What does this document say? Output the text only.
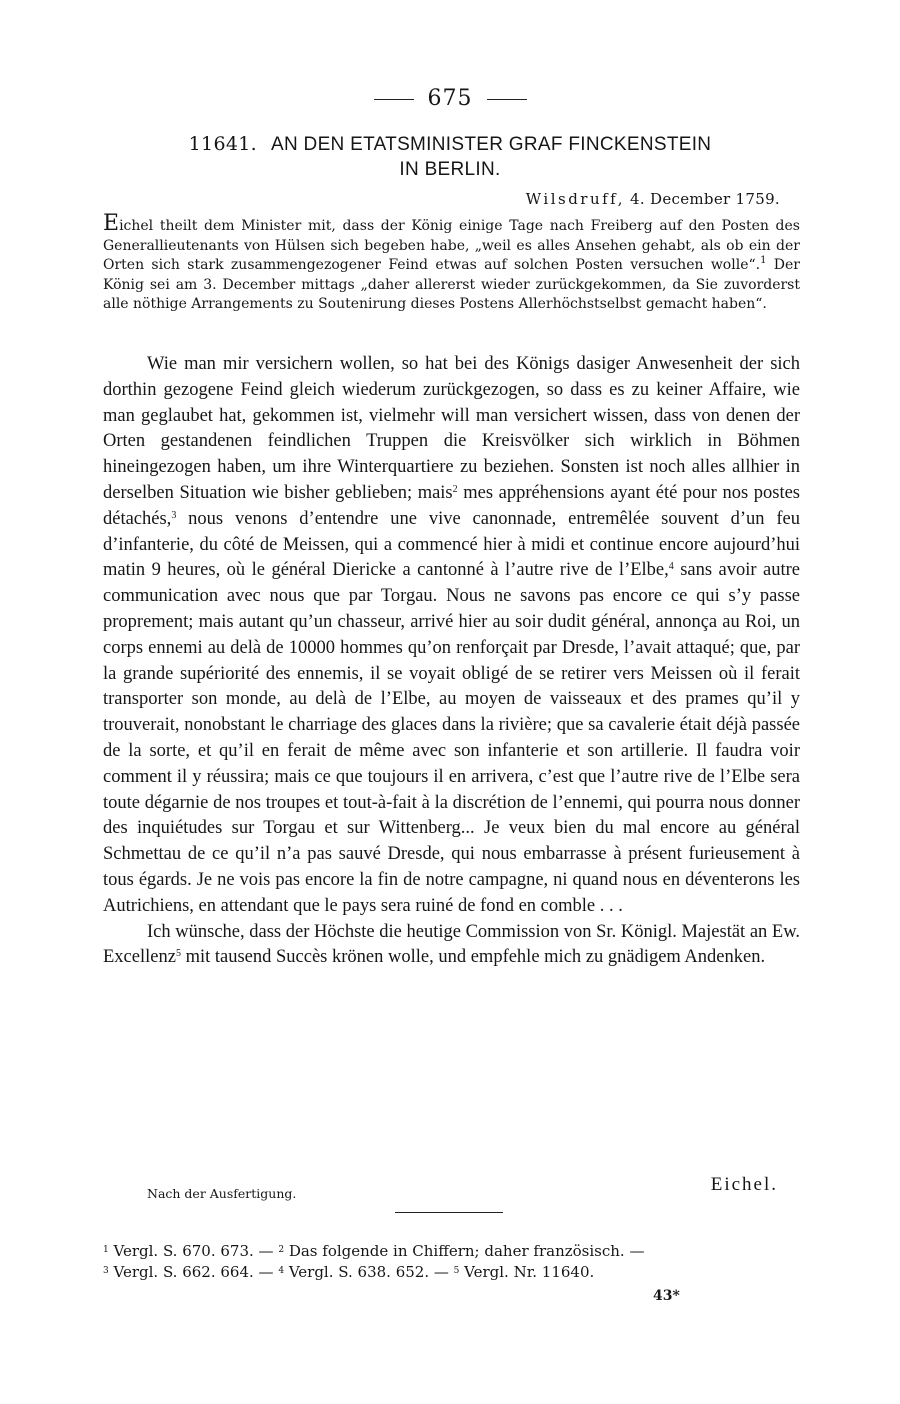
675
11641. AN DEN ETATSMINISTER GRAF FINCKENSTEIN
IN BERLIN.
Wilsdruff, 4. December 1759.
Eichel theilt dem Minister mit, dass der König einige Tage nach Freiberg auf den Posten des Generallieutenants von Hülsen sich begeben habe, „weil es alles Ansehen gehabt, als ob ein der Orten sich stark zusammengezogener Feind etwas auf solchen Posten versuchen wolle“.$^1$ Der König sei am 3. December mittags „daher allererst wieder zurückgekommen, da Sie zuvorderst alle nöthige Arrangements zu Soutenirung dieses Postens Allerhöchstselbst gemacht haben“.

Wie man mir versichern wollen, so hat bei des Königs dasiger Anwesenheit der sich dorthin gezogene Feind gleich wiederum zurückgezogen, so dass es zu keiner Affaire, wie man geglaubet hat, gekommen ist, vielmehr will man versichert wissen, dass von denen der Orten gestandenen feindlichen Truppen die Kreisvölker sich wirklich in Böhmen hineingezogen haben, um ihre Winterquartiere zu beziehen. Sonsten ist noch alles allhier in derselben Situation wie bisher geblieben; mais$^2$ mes appréhensions ayant été pour nos postes détachés,$^3$ nous venons d’entendre une vive canonnade, entremêlée souvent d’un feu d’infanterie, du côté de Meissen, qui a commencé hier à midi et continue encore aujourd’hui matin 9 heures, où le général Diericke a cantonné à l’autre rive de l’Elbe,$^4$ sans avoir autre communication avec nous que par Torgau. Nous ne savons pas encore ce qui s’y passe proprement; mais autant qu’un chasseur, arrivé hier au soir dudit général, annonça au Roi, un corps ennemi au delà de 10000 hommes qu’on renforçait par Dresde, l’avait attaqué; que, par la grande supériorité des ennemis, il se voyait obligé de se retirer vers Meissen où il ferait transporter son monde, au delà de l’Elbe, au moyen de vaisseaux et des prames qu’il y trouverait, nonobstant le charriage des glaces dans la rivière; que sa cavalerie était déjà passée de la sorte, et qu’il en ferait de même avec son infanterie et son artillerie. Il faudra voir comment il y réussira; mais ce que toujours il en arrivera, c’est que l’autre rive de l’Elbe sera toute dégarnie de nos troupes et tout-à-fait à la discrétion de l’ennemi, qui pourra nous donner des inquiétudes sur Torgau et sur Wittenberg... Je veux bien du mal encore au général Schmettau de ce qu’il n’a pas sauvé Dresde, qui nous embarrasse à présent furieusement à tous égards. Je ne vois pas encore la fin de notre campagne, ni quand nous en déventerons les Autrichiens, en attendant que le pays sera ruiné de fond en comble . . .

Ich wünsche, dass der Höchste die heutige Commission von Sr. Königl. Majestät an Ew. Excellenz$^5$ mit tausend Succès krönen wolle, und empfehle mich zu gnädigem Andenken.

Nach der Ausfertigung.	Eichel.
$^1$ Vergl. S. 670. 673. — $^2$ Das folgende in Chiffern; daher französisch. —
$^3$ Vergl. S. 662. 664. — $^4$ Vergl. S. 638. 652. — $^5$ Vergl. Nr. 11640.
43*
